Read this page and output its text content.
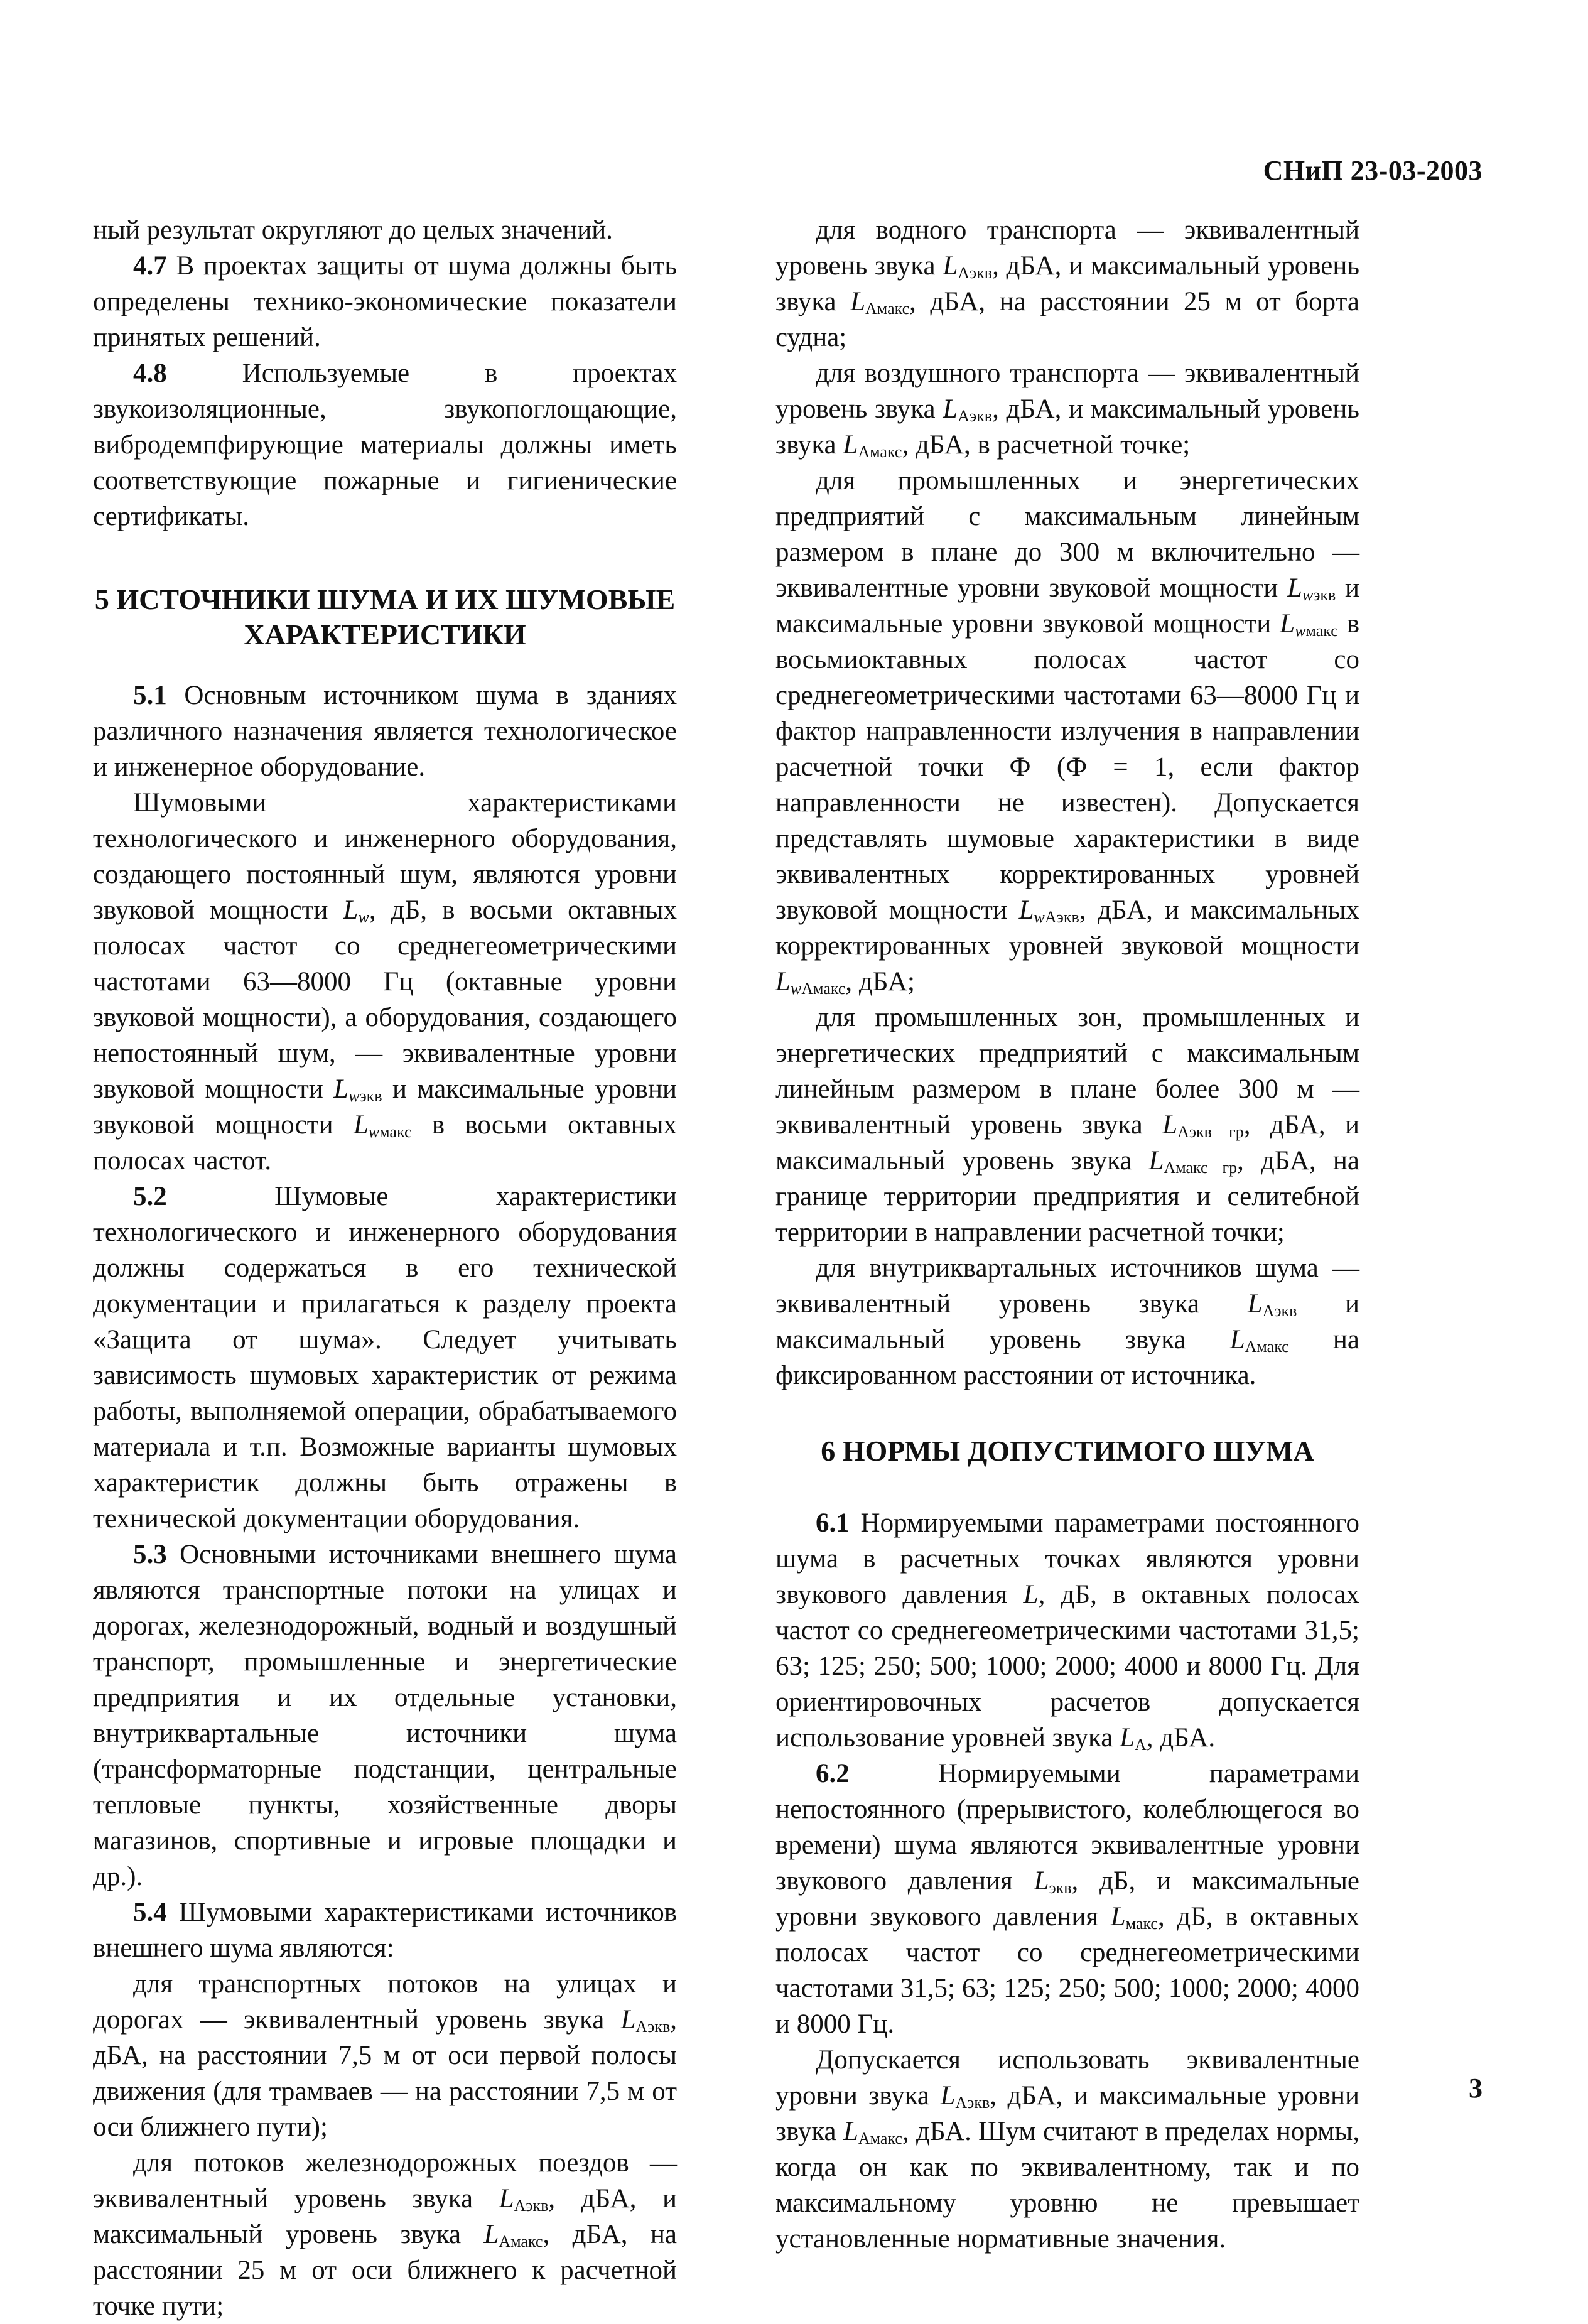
СНиП 23-03-2003

ный результат округляют до целых значений.

4.7 В проектах защиты от шума должны быть определены технико-экономические показатели принятых решений.

4.8 Используемые в проектах звукоизоляционные, звукопоглощающие, вибродемпфирующие материалы должны иметь соответствующие пожарные и гигиенические сертификаты.

5 ИСТОЧНИКИ ШУМА И ИХ ШУМОВЫЕ ХАРАКТЕРИСТИКИ

5.1 Основным источником шума в зданиях различного назначения является технологическое и инженерное оборудование.

Шумовыми характеристиками технологического и инженерного оборудования, создающего постоянный шум, являются уровни звуковой мощности $L_w$, дБ, в восьми октавных полосах частот со среднегеометрическими частотами 63—8000 Гц (октавные уровни звуковой мощности), а оборудования, создающего непостоянный шум, — эквивалентные уровни звуковой мощности $L_{wэкв}$ и максимальные уровни звуковой мощности $L_{wмакс}$ в восьми октавных полосах частот.

5.2 Шумовые характеристики технологического и инженерного оборудования должны содержаться в его технической документации и прилагаться к разделу проекта «Защита от шума». Следует учитывать зависимость шумовых характеристик от режима работы, выполняемой операции, обрабатываемого материала и т.п. Возможные варианты шумовых характеристик должны быть отражены в технической документации оборудования.

5.3 Основными источниками внешнего шума являются транспортные потоки на улицах и дорогах, железнодорожный, водный и воздушный транспорт, промышленные и энергетические предприятия и их отдельные установки, внутриквартальные источники шума (трансформаторные подстанции, центральные тепловые пункты, хозяйственные дворы магазинов, спортивные и игровые площадки и др.).

5.4 Шумовыми характеристиками источников внешнего шума являются:

для транспортных потоков на улицах и дорогах — эквивалентный уровень звука $L_{Аэкв}$, дБА, на расстоянии 7,5 м от оси первой полосы движения (для трамваев — на расстоянии 7,5 м от оси ближнего пути);

для потоков железнодорожных поездов — эквивалентный уровень звука $L_{Аэкв}$, дБА, и максимальный уровень звука $L_{Амакс}$, дБА, на расстоянии 25 м от оси ближнего к расчетной точке пути;

для водного транспорта — эквивалентный уровень звука $L_{Аэкв}$, дБА, и максимальный уровень звука $L_{Амакс}$, дБА, на расстоянии 25 м от борта судна;

для воздушного транспорта — эквивалентный уровень звука $L_{Аэкв}$, дБА, и максимальный уровень звука $L_{Амакс}$, дБА, в расчетной точке;

для промышленных и энергетических предприятий с максимальным линейным размером в плане до 300 м включительно — эквивалентные уровни звуковой мощности $L_{wэкв}$ и максимальные уровни звуковой мощности $L_{wмакс}$ в восьмиоктавных полосах частот со среднегеометрическими частотами 63—8000 Гц и фактор направленности излучения в направлении расчетной точки Ф (Ф = 1, если фактор направленности не известен). Допускается представлять шумовые характеристики в виде эквивалентных корректированных уровней звуковой мощности $L_{wАэкв}$, дБА, и максимальных корректированных уровней звуковой мощности $L_{wАмакс}$, дБА;

для промышленных зон, промышленных и энергетических предприятий с максимальным линейным размером в плане более 300 м — эквивалентный уровень звука $L_{Аэкв гр}$, дБА, и максимальный уровень звука $L_{Амакс гр}$, дБА, на границе территории предприятия и селитебной территории в направлении расчетной точки;

для внутриквартальных источников шума — эквивалентный уровень звука $L_{Аэкв}$ и максимальный уровень звука $L_{Амакс}$ на фиксированном расстоянии от источника.

6 НОРМЫ ДОПУСТИМОГО ШУМА

6.1 Нормируемыми параметрами постоянного шума в расчетных точках являются уровни звукового давления L, дБ, в октавных полосах частот со среднегеометрическими частотами 31,5; 63; 125; 250; 500; 1000; 2000; 4000 и 8000 Гц. Для ориентировочных расчетов допускается использование уровней звука $L_А$, дБА.

6.2 Нормируемыми параметрами непостоянного (прерывистого, колеблющегося во времени) шума являются эквивалентные уровни звукового давления $L_{экв}$, дБ, и максимальные уровни звукового давления $L_{макс}$, дБ, в октавных полосах частот со среднегеометрическими частотами 31,5; 63; 125; 250; 500; 1000; 2000; 4000 и 8000 Гц.

Допускается использовать эквивалентные уровни звука $L_{Аэкв}$, дБА, и максимальные уровни звука $L_{Амакс}$, дБА. Шум считают в пределах нормы, когда он как по эквивалентному, так и по максимальному уровню не превышает установленные нормативные значения.

3
